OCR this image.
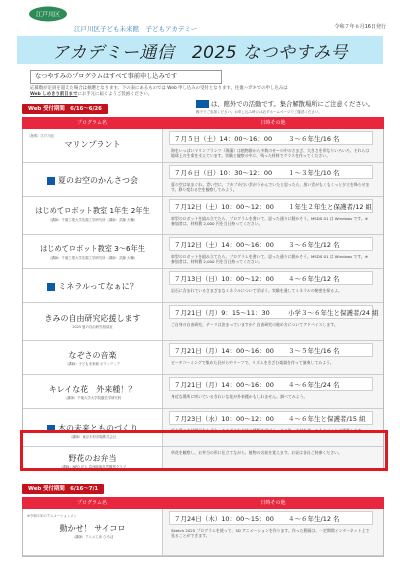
江戸川区
江戸川区子ども未来館　子どもアカデミー	令和７年６月16日発行
アカデミー通信　2025 なつやすみ号
なつやすみのプログラムはすべて事前申し込みです
応募数が定員を超えた場合は抽選となります。下の表にあるものでは Web 申し込みの受付となります。往復ハガキでの申し込みは
Web しめきり前日までにお手元に届くようご投函ください。
Web 受付期間　6/16～6/26
は、館外での活動です。集合解散場所にご注意ください。
親子でご参加ください。お申し込み時には必ずホームページでご確認ください。
プログラム名	日時その他
（指導）江戸川区
マリンプラント
７月５日（土）14：00～16：00 ３～６年生/16 名
海をいっぱいマリンプランツ（海藻）は植物群から多数のせ～の中のさまざ、大きさを形なりいろいろ。それらは地球上の生命を支えています。実験と観察の中に、残った材料でグラスを作ってください。
夏のお空のかんさつ会
７月６日（日）10：30～12：00 １～３年生/10 名
夏の空は気まぐれ。青い空に、プカプカ白い雲がうかんでいたと思ったら、黒い雲がもくもくっと夕立を降らせます。移り変わる空を観察してみよう。
はじめてロボット教室 1年生 2年生
（講師）千葉工業大学先端工学研究所（講師：武藤 大輔）
７月12日（土）10：00～12：00 １年生２年生と保護者/12 組
車型のロボットを組み立てたら、プログラムを書いて、思った通りに動かそう。MSDS 01 は Windows です。※参加者は、材料費 2,000 円を当日持ってください。
はじめてロボット教室 3～6年生
（講師）千葉工業大学先端工学研究所（講師：武藤 大輔）
７月12日（土）14：00～16：00 ３～６年生/12 名
車型のロボットを組み立てたら、プログラムを書いて、思った通りに動かそう。MSDS 01 は Windows です。※参加者は、材料費 2,000 円を当日持ってください。
ミネラルってなぁに？
７月13日（日）10：00～12：00 ４～６年生/12 名
岩石に含まれているさまざまなミネラルについて学ぼう。実験を通してミネラルの秘密を探るよ。
きみの自由研究応援します
2025 夏の自由研究相談室
７月21日（月）9：15～11：30	小学３～６年生と保護者/24 組
ご自身の自由研究、テーマは決まっていますか？自由研究の進め方についてアドバイスします。
なぞさの音楽
（講師）子ども未来館 ボランティア
７月21日（月）14：00～16：00 ３～５年生/16 名
ビーチコーミングで集めた貝がらやリーフで、リズムをきざむ楽器を作って演奏してみよう。
キレイな花　外来種！？
（講師）千葉大学大学院園芸学研究科
７月21日（月）14：00～16：00 ４～６年生/24 名
身近な場所に咲いているきれいな花が外来種かもしれません。調べてみよう。
木の未来とものづくり
（講師）東京木材市場株式会社
７月23日（水）10：00～12：00 ４～６年生と保護者/15 組
新木場の木材問屋をたずね、さまざまな木材の種類を学ぼう。その後、木材を使ったものづくりに挑戦します。
野花のお弁当
（講師）NPO 法人 葛西臨海自然観察クラブ
草花を観察し、お弁当の形に仕立てながら、植物の名前を覚えます。お昼は各自ご持参ください。
Web 受付期間　6/16～7/1
プログラム名	日時その他
※令和５年のアニメーションメン
動かせ！ サイコロ
（講師）アニメ工房 ひろば
７月24日（木）10：00～15：00 ４～６年生/12 名
Sketch 2025 プログラムを使って、3D アニメーションを作ります。作った動画は、一定期間インターネット上で見ることができます。
